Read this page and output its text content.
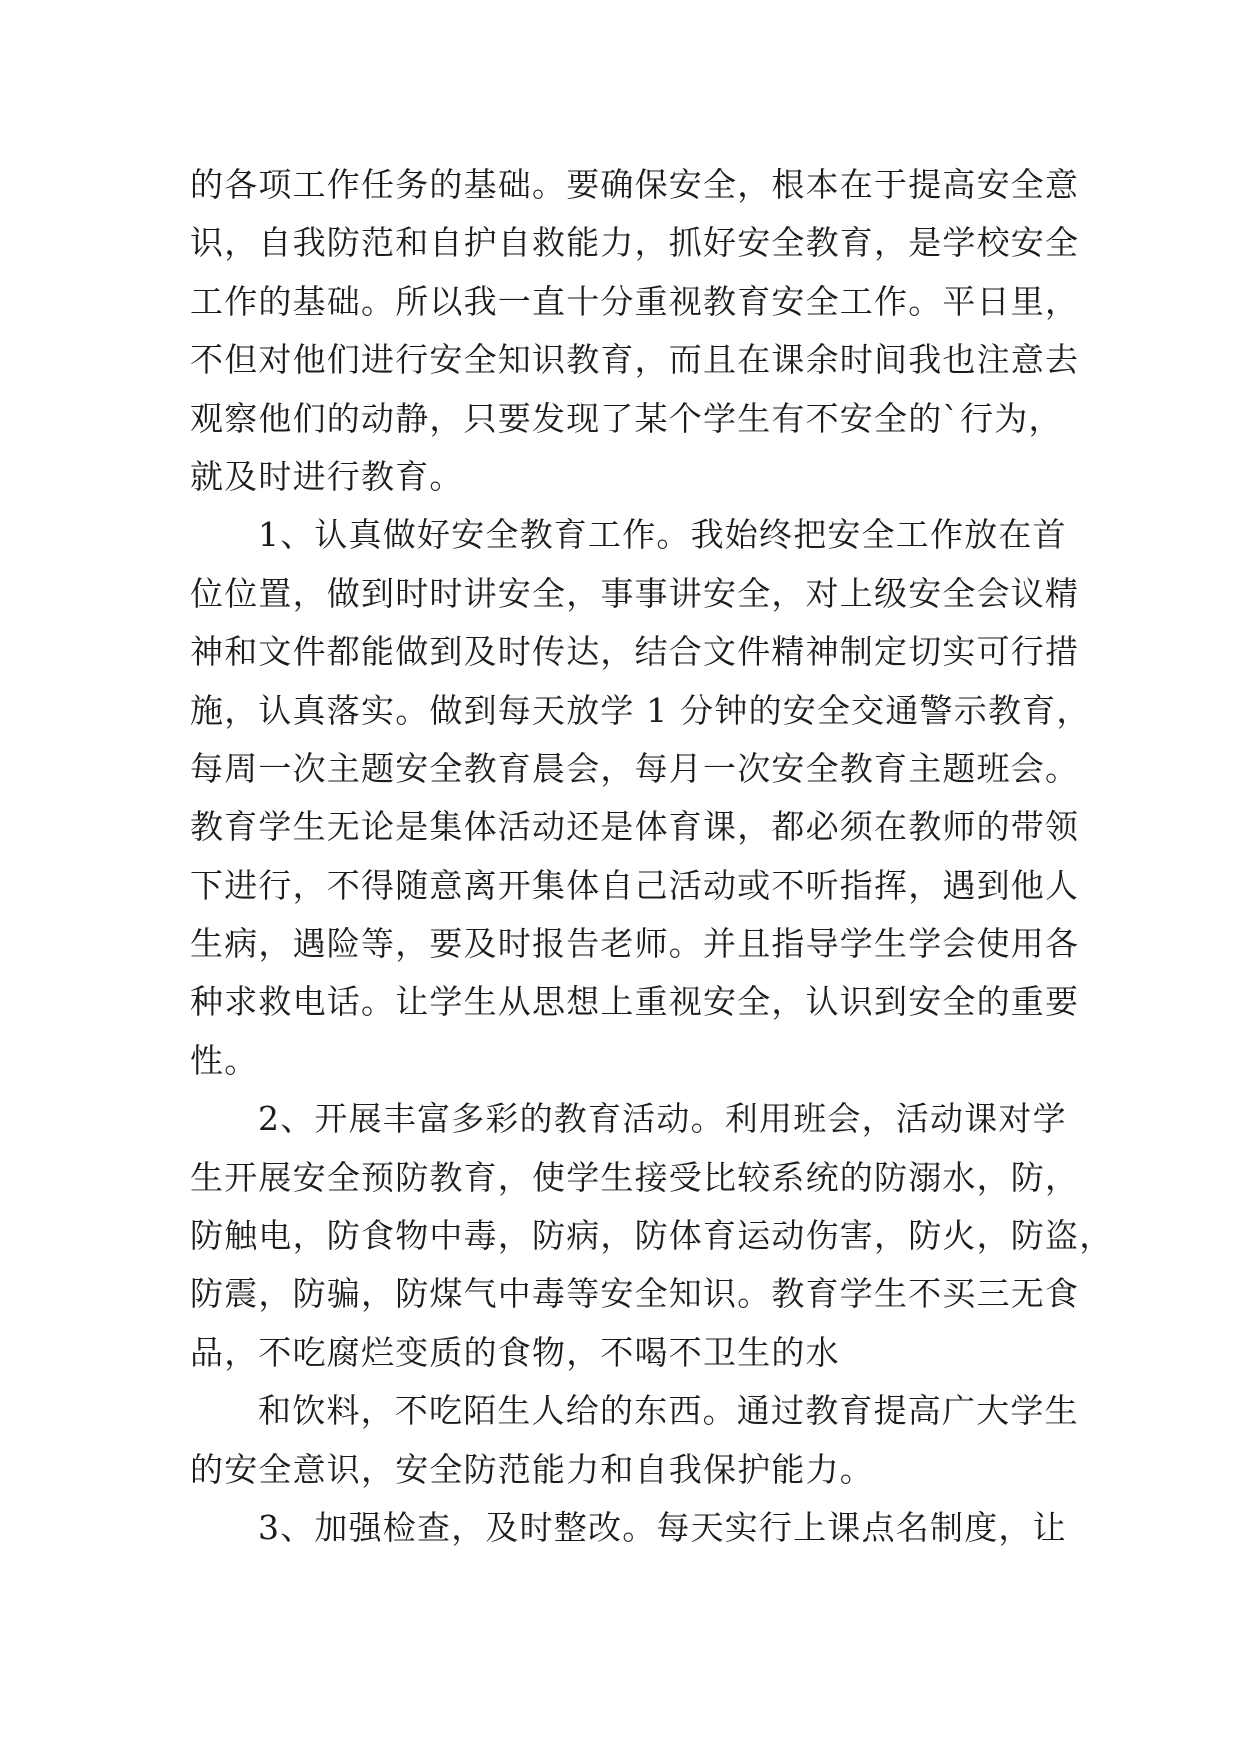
的各项工作任务的基础。要确保安全，根本在于提高安全意
识，自我防范和自护自救能力，抓好安全教育，是学校安全
工作的基础。所以我一直十分重视教育安全工作。平日里，
不但对他们进行安全知识教育，而且在课余时间我也注意去
观察他们的动静，只要发现了某个学生有不安全的`行为，
就及时进行教育。
1、认真做好安全教育工作。我始终把安全工作放在首
位位置，做到时时讲安全，事事讲安全，对上级安全会议精
神和文件都能做到及时传达，结合文件精神制定切实可行措
施，认真落实。做到每天放学 1 分钟的安全交通警示教育，
每周一次主题安全教育晨会，每月一次安全教育主题班会。
教育学生无论是集体活动还是体育课，都必须在教师的带领
下进行，不得随意离开集体自己活动或不听指挥，遇到他人
生病，遇险等，要及时报告老师。并且指导学生学会使用各
种求救电话。让学生从思想上重视安全，认识到安全的重要
性。
2、开展丰富多彩的教育活动。利用班会，活动课对学
生开展安全预防教育，使学生接受比较系统的防溺水，防，
防触电，防食物中毒，防病，防体育运动伤害，防火，防盗，
防震，防骗，防煤气中毒等安全知识。教育学生不买三无食
品，不吃腐烂变质的食物，不喝不卫生的水
和饮料，不吃陌生人给的东西。通过教育提高广大学生
的安全意识，安全防范能力和自我保护能力。
3、加强检查，及时整改。每天实行上课点名制度，让
